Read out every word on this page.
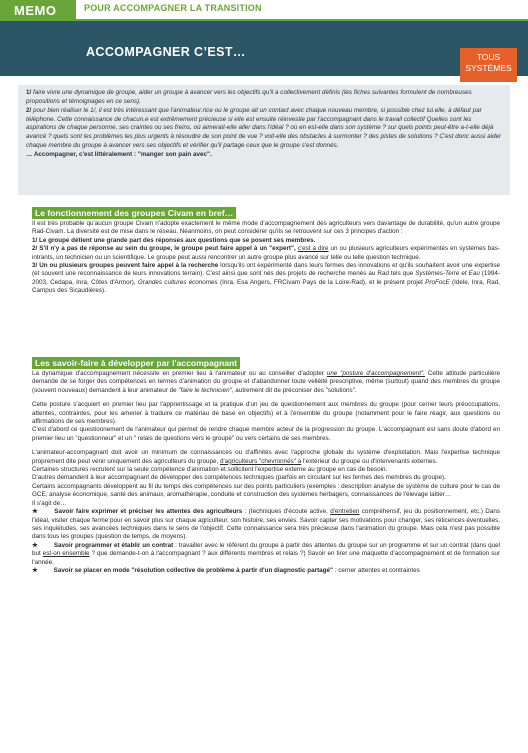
MEMO	POUR ACCOMPAGNER LA TRANSITION
ACCOMPAGNER C’EST…	TOUS
SYSTÈMES

1/ faire vivre une dynamique de groupe, aider un groupe à avancer vers les objectifs qu'il a collectivement définis (les fiches suivantes formulent de nombreuses propositions et témoignages en ce sens).

2/ pour bien réaliser le 1/, il est très intéressant que l'animateur.rice ou le groupe ait un contact avec chaque nouveau membre, si possible chez lui.elle, à défaut par téléphone. Cette connaissance de chacun.e est extrêmement précieuse si elle est ensuite réinvestie par l'accompagnant dans le travail collectif Quelles sont les aspirations de chaque personne, ses craintes ou ses freins, où aimerait-elle aller dans l'idéal ? où en est-elle dans son système ? sur quels points peut-être a-t-elle déjà avancé ? quels sont les problèmes les plus urgents à résoudre de son point de vue ? voit-elle des obstacles à surmonter ? des pistes de solutions ? C'est donc aussi aider chaque membre du groupe à avancer vers ses objectifs et vérifier qu'il partage ceux que le groupe s'est donnés.

… Accompagner, c'est littéralement : "manger son pain avec".

Le fonctionnement des groupes Civam en bref…

Il est très probable qu'aucun groupe Civam n'adopte exactement le même mode d'accompagnement des agriculteurs vers davantage de durabilité, qu'un autre groupe Rad-Civam. La diversité est de mise dans le réseau. Néanmoins, on peut considérer qu'ils se retrouvent sur ces 3 principes d'action :

1/ Le groupe détient une grande part des réponses aux questions que se posent ses membres.

2/ S'il n'y a pas de réponse au sein du groupe, le groupe peut faire appel à un "expert", c'est à dire un ou plusieurs agriculteurs expérimentés en systèmes bas-intrants, un technicien ou un scientifique. Le groupe peut aussi rencontrer un autre groupe plus avancé sur telle ou telle question technique.

3/ Un ou plusieurs groupes peuvent faire appel à la recherche lorsqu'ils ont expérimenté dans leurs fermes des innovations et qu'ils souhaitent avoir une expertise (et souvent une reconnaissance de leurs innovations terrain). C'est ainsi que sont nés des projets de recherche menés au Rad tels que Systèmes-Terre et Eau (1994-2003, Cedapa, Inra, Côtes d'Armor), Grandes cultures économes (Inra, Esa Angers, FRCivam Pays de la Loire-Rad), et le présent projet ProFocE (Idele, Inra, Rad, Campus des Sicaudières).

Les savoir-faire à développer par l'accompagnant

La dynamique d'accompagnement nécessite en premier lieu à l'animateur ou au conseiller d'adopter une "posture d'accompagnement". Cette attitude particulière demande de se forger des compétences en termes d'animation du groupe et d'abandonner toute velléité prescriptive, même (surtout) quand des membres du groupe (souvent nouveaux) demandent à leur animateur de "faire le technicien", autrement dit de préconiser des "solutions".

Cette posture s'acquiert en premier lieu par l'apprentissage et la pratique d'un jeu de questionnement aux membres du groupe (pour cerner leurs préoccupations, attentes, contraintes, pour les amener à traduire ce matériau de base en objectifs) et à l'ensemble du groupe (notamment pour le faire réagir, aux questions ou affirmations de ses membres).

C'est d'abord ce questionnement de l'animateur qui permet de rendre chaque membre acteur de la progression du groupe. L'accompagnant est sans doute d'abord en premier lieu un "questionneur" et un " relais de questions vers le groupe" ou vers certains de ses membres.

L'animateur-accompagnant doit avoir un minimum de connaissances ou d'affinités avec l'approche globale du système d'exploitation. Mais l'expertise technique proprement dite peut venir uniquement des agriculteurs du groupe, d'agriculteurs "chevronnés" à l'extérieur du groupe ou d'intervenants externes.

Certaines structures recrutent sur la seule compétence d'animation et sollicitent l'expertise externe au groupe en cas de besoin.

D'autres demandent à leur accompagnant de développer des compétences techniques (parfois en circulant sur les fermes des membres du groupe).

Certains accompagnants développent au fil du temps des compétences sur des points particuliers (exemples : description analyse de système de culture pour le cas de GCE, analyse économique, santé des animaux, aromathérapie, conduite et construction des systèmes herbagers, connaissances de l'élevage laitier…

Il s'agit de…

★	Savoir faire exprimer et préciser les attentes des agriculteurs : (techniques d'écoute active, d'entretien compréhensif, jeu du positionnement, etc.) Dans l'idéal, visiter chaque ferme pour en savoir plus sur chaque agriculteur, son histoire, ses envies. Savoir capter ses motivations pour changer, ses réticences éventuelles, ses inquiétudes, ses avancées techniques dans le sens de l'objectif. Cette connaissance sera très précieuse dans l'animation du groupe. Mais cela n'est pas possible dans tous les groupes (question de temps, de moyens).

★	Savoir programmer et établir un contrat : travailler avec le référent du groupe à partir des attentes du groupe sur un programme et sur un contrat (dans quel but est-on ensemble ? que demande-t-on à l'accompagnant ? aux différents membres et relais ?) Savoir en tirer une maquette d'accompagnement et de formation sur l'année.

★	Savoir se placer en mode "résolution collective de problème à partir d'un diagnostic partagé" : cerner attentes et contraintes
